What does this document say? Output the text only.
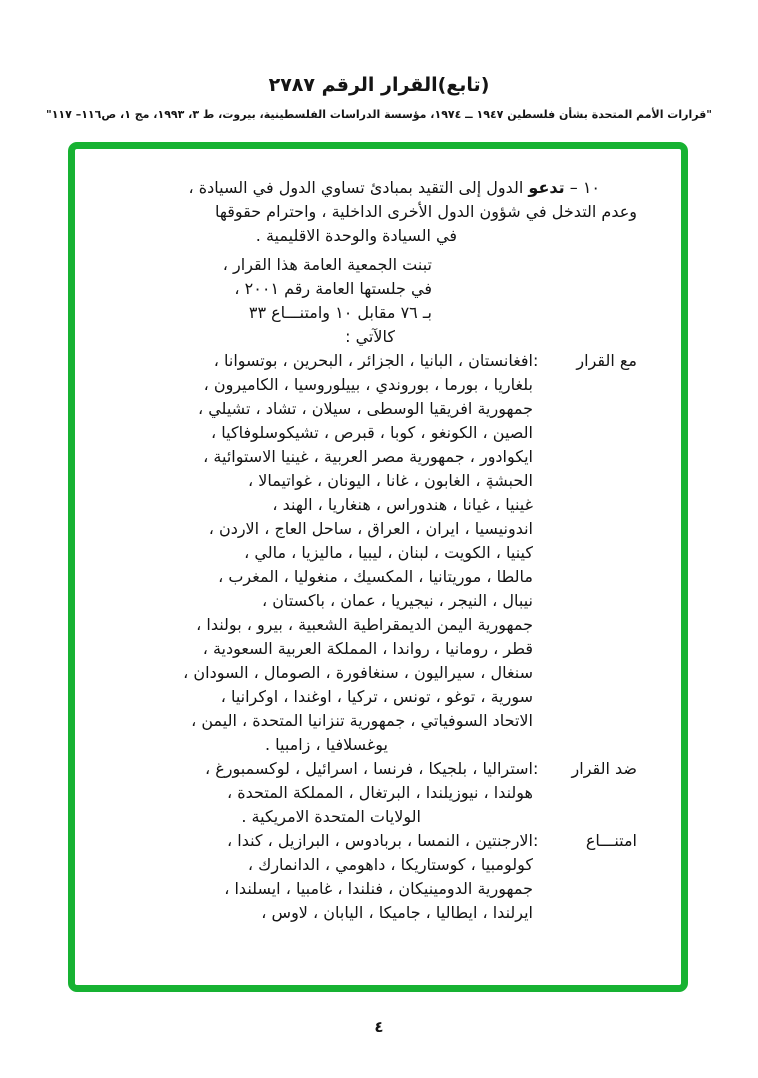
(تابع)القرار الرقم ٢٧٨٧
"قرارات الأمم المتحدة بشأن فلسطين ١٩٤٧ ــ ١٩٧٤، مؤسسة الدراسات الفلسطينية، بيروت، ط ٣، ١٩٩٣، مج ١، ص١١٦– ١١٧"
١٠ – تدعو الدول إلى التقيد بمبادئ تساوي الدول في السيادة ،
وعدم التدخل في شؤون الدول الأخرى الداخلية ، واحترام حقوقها
في السيادة والوحدة الاقليمية .
تبنت الجمعية العامة هذا القرار ،
في جلستها العامة رقم ٢٠٠١ ،
بـ ٧٦ مقابل ١٠ وامتنـــاع ٣٣
كالآتي :
مع القرار
:
افغانستان ، البانيا ، الجزائر ، البحرين ، بوتسوانا ،
بلغاريا ، بورما ، بوروندي ، بييلوروسيا ، الكاميرون ،
جمهورية افريقيا الوسطى ، سيلان ، تشاد ، تشيلي ،
الصين ، الكونغو ، كوبا ، قبرص ، تشيكوسلوفاكيا ،
ايكوادور ، جمهورية مصر العربية ، غينيا الاستوائية ،
الحبشة ، الغابون ، غانا ، اليونان ، غواتيمالا ،
غينيا ، غيانا ، هندوراس ، هنغاريا ، الهند ،
اندونيسيا ، ايران ، العراق ، ساحل العاج ، الاردن ،
كينيا ، الكويت ، لبنان ، ليبيا ، ماليزيا ، مالي ،
مالطا ، موريتانيا ، المكسيك ، منغوليا ، المغرب ،
نيبال ، النيجر ، نيجيريا ، عمان ، باكستان ،
جمهورية اليمن الديمقراطية الشعبية ، بيرو ، بولندا ،
قطر ، رومانيا ، رواندا ، المملكة العربية السعودية ،
سنغال ، سيراليون ، سنغافورة ، الصومال ، السودان ،
سورية ، توغو ، تونس ، تركيا ، اوغندا ، اوكرانيا ،
الاتحاد السوفياتي ، جمهورية تنزانيا المتحدة ، اليمن ،
يوغسلافيا ، زامبيا .
ضد القرار
:
استراليا ، بلجيكا ، فرنسا ، اسرائيل ، لوكسمبورغ ،
هولندا ، نيوزيلندا ، البرتغال ، المملكة المتحدة ،
الولايات المتحدة الامريكية .
امتنـــاع
:
الارجنتين ، النمسا ، بربادوس ، البرازيل ، كندا ،
كولومبيا ، كوستاريكا ، داهومي ، الدانمارك ،
جمهورية الدومينيكان ، فنلندا ، غامبيا ، ايسلندا ،
ايرلندا ، ايطاليا ، جاميكا ، اليابان ، لاوس ،
٤
